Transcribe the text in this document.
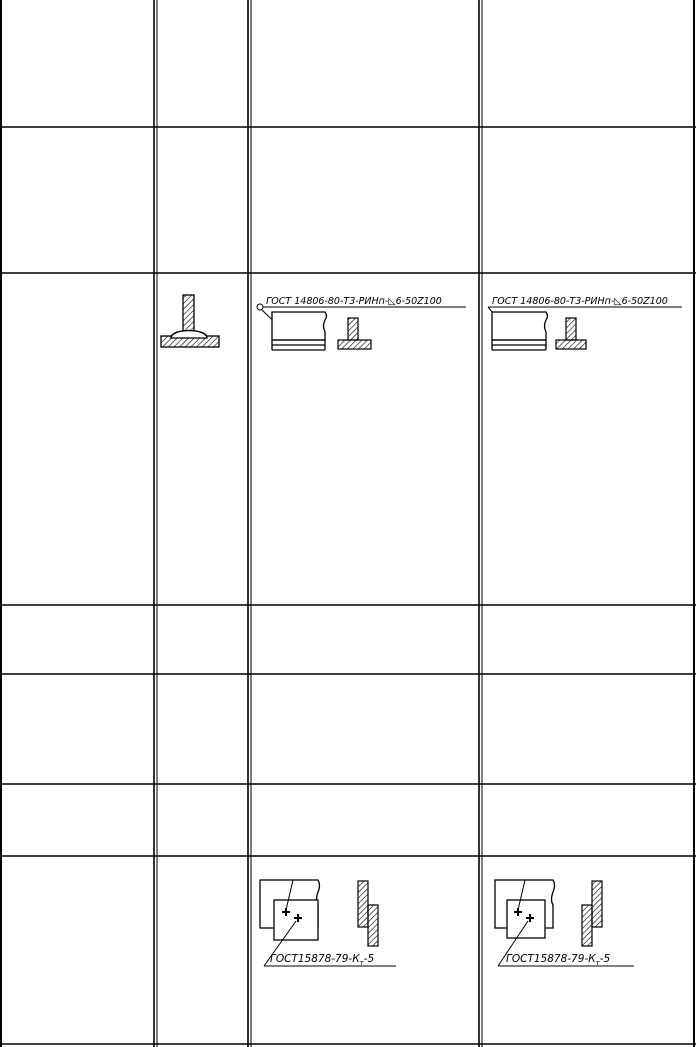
ГОСТ 14806-80-Т3-РИНп-◺6-50Z100	ГОСТ 14806-80-Т3-РИНп-◺6-50Z100
$ГОСТ15878-79-К_т-5$	$ГОСТ15878-79-К_т-5$
